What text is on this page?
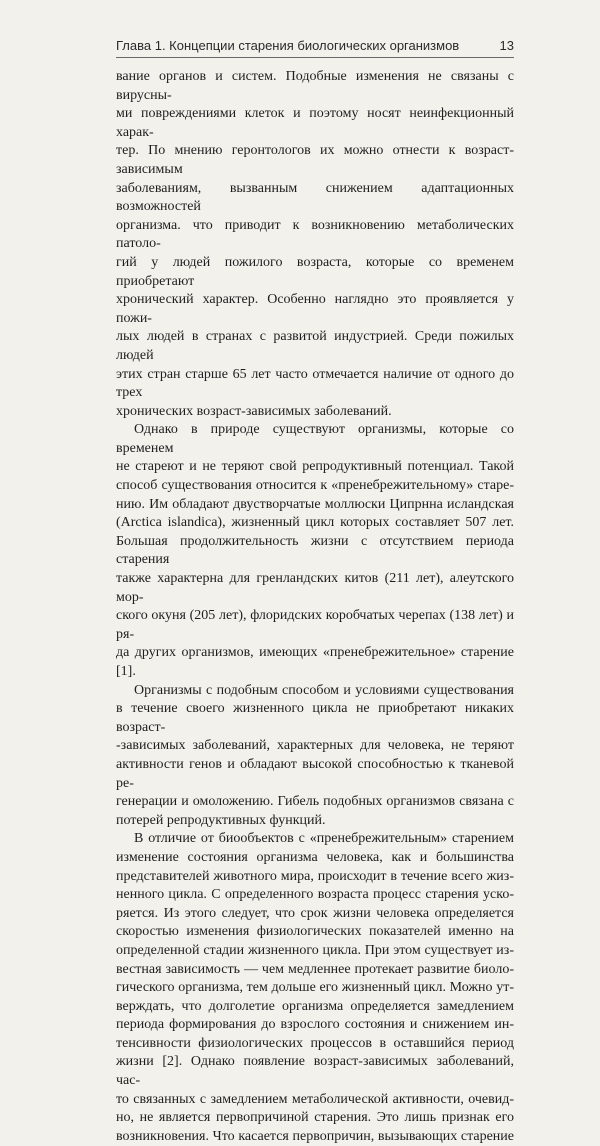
Глава 1. Концепции старения биологических организмов	13

вание органов и систем. Подобные изменения не связаны с вирусны-

ми повреждениями клеток и поэтому носят неинфекционный харак-

тер. По мнению геронтологов их можно отнести к возраст-зависимым

заболеваниям, вызванным снижением адаптационных возможностей

организма. что приводит к возникновению метаболических патоло-

гий у людей пожилого возраста, которые со временем приобретают

хронический характер. Особенно наглядно это проявляется у пожи-

лых людей в странах с развитой индустрией. Среди пожилых людей

этих стран старше 65 лет часто отмечается наличие от одного до трех

хронических возраст-зависимых заболеваний.

Однако в природе существуют организмы, которые со временем

не стареют и не теряют свой репродуктивный потенциал. Такой

способ существования относится к «пренебрежительному» старе-

нию. Им обладают двустворчатые моллюски Ципрнна исландская

(Arctica islandica), жизненный цикл которых составляет 507 лет.

Большая продолжительность жизни с отсутствием периода старения

также характерна для гренландских китов (211 лет), алеутского мор-

ского окуня (205 лет), флоридских коробчатых черепах (138 лет) и ря-

да других организмов, имеющих «пренебрежительное» старение [1].

Организмы с подобным способом и условиями существования

в течение своего жизненного цикла не приобретают никаких возраст-

-зависимых заболеваний, характерных для человека, не теряют

активности генов и обладают высокой способностью к тканевой ре-

генерации и омоложению. Гибель подобных организмов связана с

потерей репродуктивных функций.

В отличие от биообъектов с «пренебрежительным» старением

изменение состояния организма человека, как и большинства

представителей животного мира, происходит в течение всего жиз-

ненного цикла. С определенного возраста процесс старения уско-

ряется. Из этого следует, что срок жизни человека определяется

скоростью изменения физиологических показателей именно на

определенной стадии жизненного цикла. При этом существует из-

вестная зависимость — чем медленнее протекает развитие биоло-

гического организма, тем дольше его жизненный цикл. Можно ут-

верждать, что долголетие организма определяется замедлением

периода формирования до взрослого состояния и снижением ин-

тенсивности физиологических процессов в оставшийся период

жизни [2]. Однако появление возраст-зависимых заболеваний, час-

то связанных с замедлением метаболической активности, очевид-

но, не является первопричиной старения. Это лишь признак его

возникновения. Что касается первопричин, вызывающих старение
